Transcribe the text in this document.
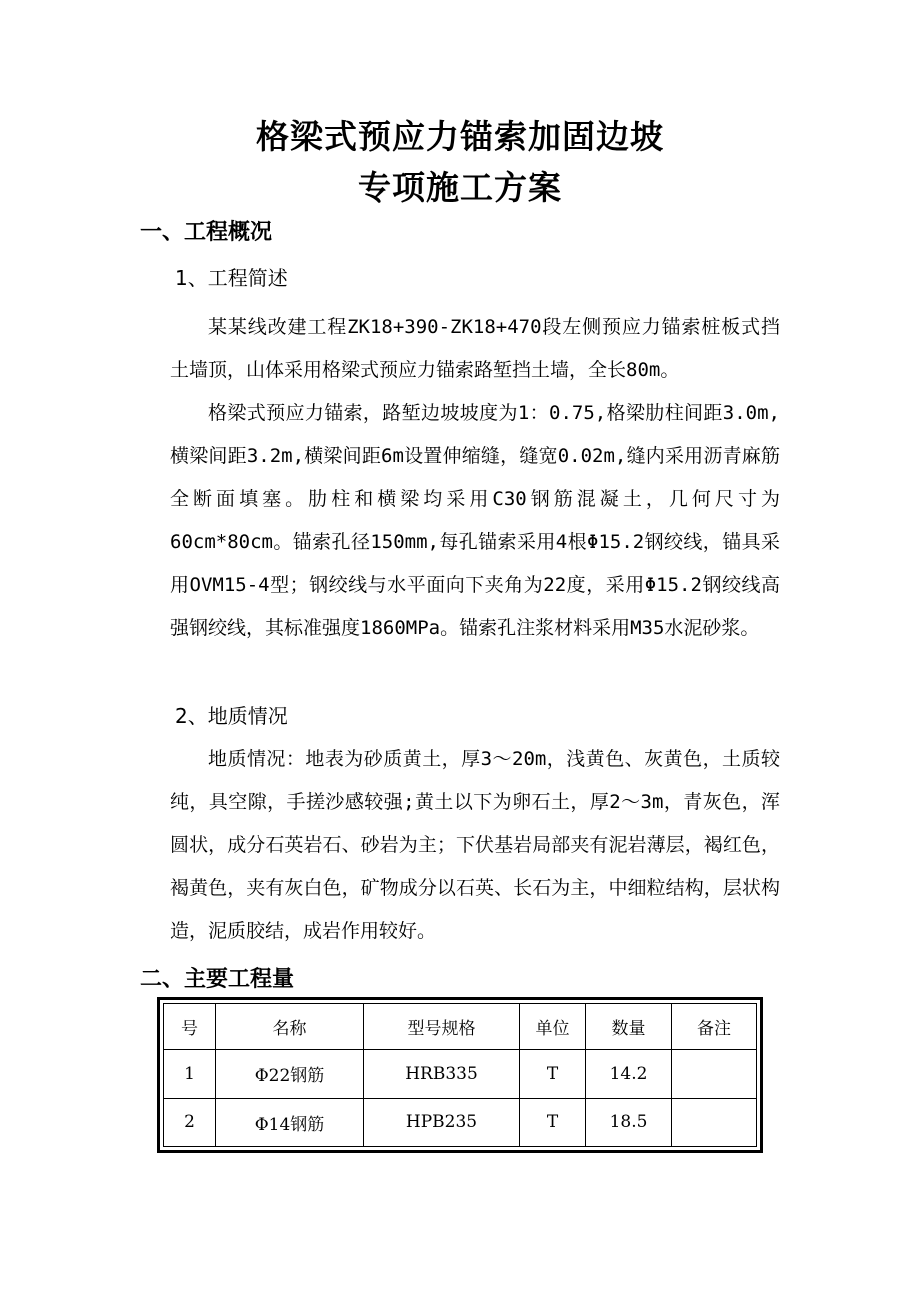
格梁式预应力锚索加固边坡
专项施工方案
一、工程概况
1、工程简述

某某线改建工程ZK18+390-ZK18+470段左侧预应力锚索桩板式挡土墙顶，山体采用格梁式预应力锚索路堑挡土墙，全长80m。

格梁式预应力锚索，路堑边坡坡度为1：0.75,格梁肋柱间距3.0m,横梁间距3.2m,横梁间距6m设置伸缩缝，缝宽0.02m,缝内采用沥青麻筋全断面填塞。肋柱和横梁均采用C30钢筋混凝土，几何尺寸为60cm*80cm。锚索孔径150mm,每孔锚索采用4根Φ15.2钢绞线，锚具采用OVM15-4型；钢绞线与水平面向下夹角为22度，采用Φ15.2钢绞线高强钢绞线，其标准强度1860MPa。锚索孔注浆材料采用M35水泥砂浆。

2、地质情况

地质情况：地表为砂质黄土，厚3～20m，浅黄色、灰黄色，土质较纯，具空隙，手搓沙感较强;黄土以下为卵石土，厚2～3m，青灰色，浑圆状，成分石英岩石、砂岩为主；下伏基岩局部夹有泥岩薄层，褐红色，褐黄色，夹有灰白色，矿物成分以石英、长石为主，中细粒结构，层状构造，泥质胶结，成岩作用较好。

二、主要工程量
号	名称	型号规格	单位	数量	备注
1	Φ22钢筋	HRB335	T	14.2	
2	Φ14钢筋	HPB235	T	18.5	
